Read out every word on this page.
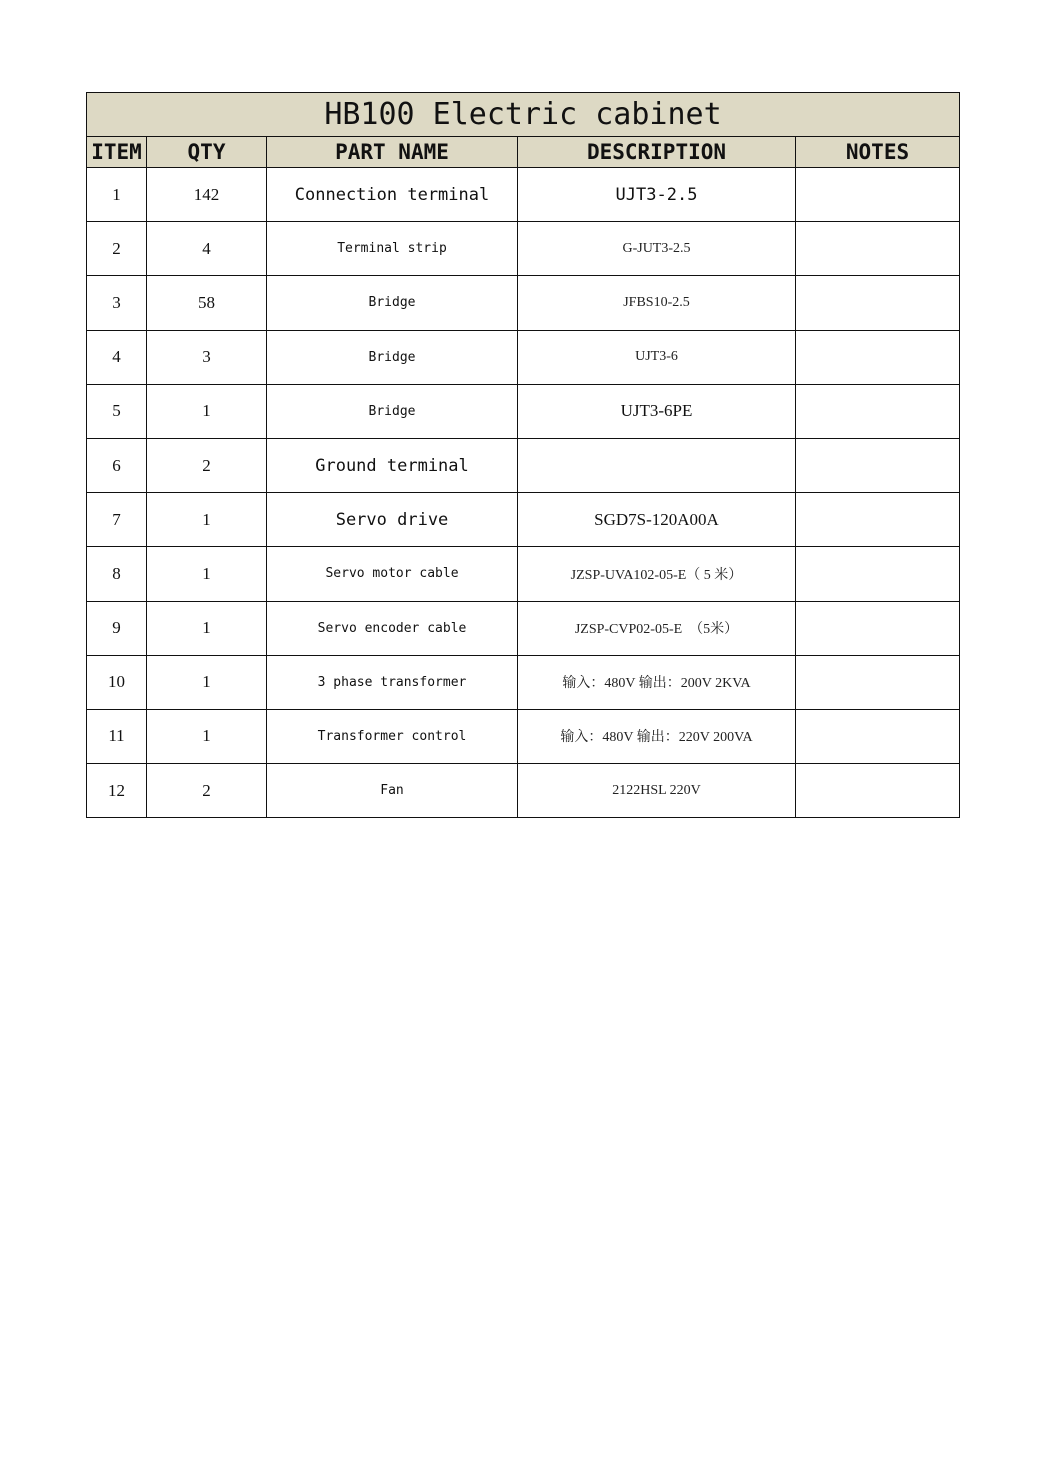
HB100 Electric cabinet				
ITEM	QTY	PART NAME	DESCRIPTION	NOTES
1	142	Connection terminal	UJT3-2.5	
2	4	Terminal strip	G-JUT3-2.5	
3	58	Bridge	JFBS10-2.5	
4	3	Bridge	UJT3-6	
5	1	Bridge	UJT3-6PE	
6	2	Ground terminal		
7	1	Servo drive	SGD7S-120A00A	
8	1	Servo motor cable	JZSP-UVA102-05-E（ 5 米）	
9	1	Servo encoder cable	JZSP-CVP02-05-E  （5米）	
10	1	3 phase transformer	输入：480V 输出：200V 2KVA	
11	1	Transformer control	输入：480V 输出：220V 200VA	
12	2	Fan	2122HSL 220V	
